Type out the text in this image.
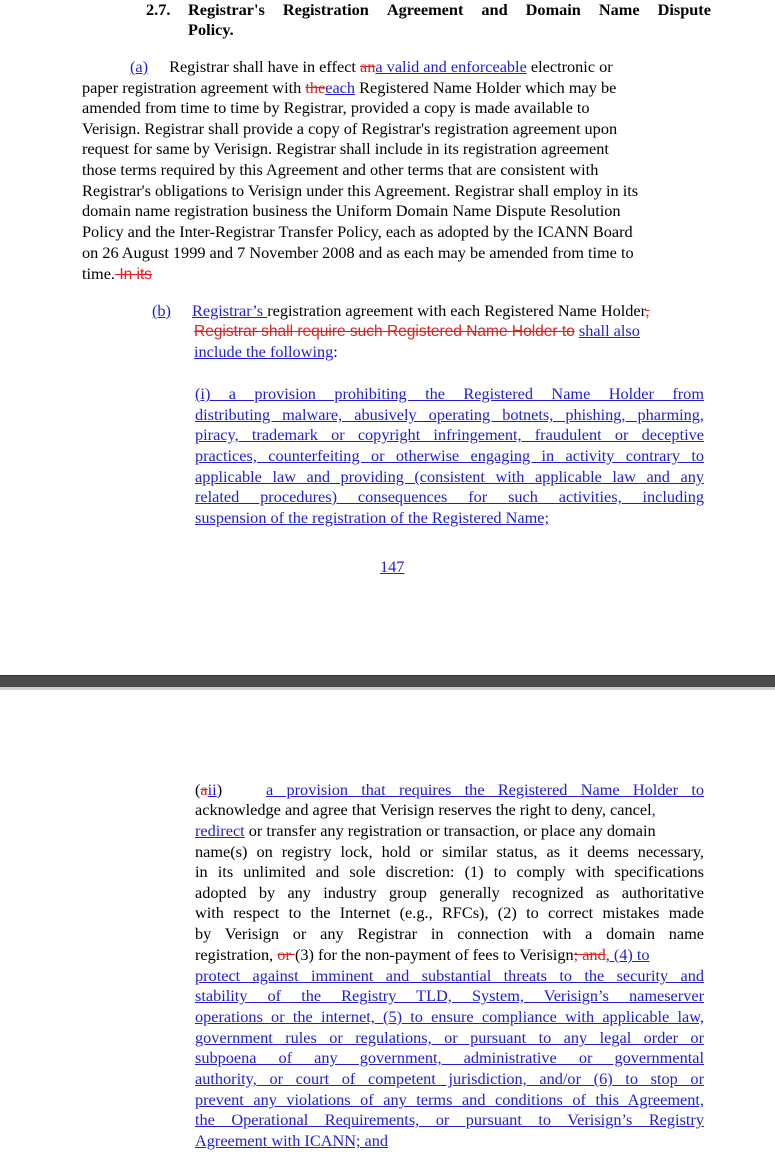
2.7. Registrar's Registration Agreement and Domain Name Dispute
Policy.
(a) Registrar shall have in effect ana valid and enforceable electronic or
paper registration agreement with theeach Registered Name Holder which may be
amended from time to time by Registrar, provided a copy is made available to
Verisign. Registrar shall provide a copy of Registrar's registration agreement upon
request for same by Verisign. Registrar shall include in its registration agreement
those terms required by this Agreement and other terms that are consistent with
Registrar's obligations to Verisign under this Agreement. Registrar shall employ in its
domain name registration business the Uniform Domain Name Dispute Resolution
Policy and the Inter-Registrar Transfer Policy, each as adopted by the ICANN Board
on 26 August 1999 and 7 November 2008 and as each may be amended from time to
time. In its
(b) Registrar’s registration agreement with each Registered Name Holder,
Registrar shall require such Registered Name Holder to shall also
include the following:
(i) a provision prohibiting the Registered Name Holder from
distributing malware, abusively operating botnets, phishing, pharming,
piracy, trademark or copyright infringement, fraudulent or deceptive
practices, counterfeiting or otherwise engaging in activity contrary to
applicable law and providing (consistent with applicable law and any
related procedures) consequences for such activities, including
suspension of the registration of the Registered Name;
147
(aii)	a provision that requires the Registered Name Holder to
acknowledge and agree that Verisign reserves the right to deny, cancel,
redirect or transfer any registration or transaction, or place any domain
name(s) on registry lock, hold or similar status, as it deems necessary,
in its unlimited and sole discretion: (1) to comply with specifications
adopted by any industry group generally recognized as authoritative
with respect to the Internet (e.g., RFCs), (2) to correct mistakes made
by Verisign or any Registrar in connection with a domain name
registration, or (3) for the non-payment of fees to Verisign; and, (4) to
protect against imminent and substantial threats to the security and
stability of the Registry TLD, System, Verisign’s nameserver
operations or the internet, (5) to ensure compliance with applicable law,
government rules or regulations, or pursuant to any legal order or
subpoena of any government, administrative or governmental
authority, or court of competent jurisdiction, and/or (6) to stop or
prevent any violations of any terms and conditions of this Agreement,
the Operational Requirements, or pursuant to Verisign’s Registry
Agreement with ICANN; and
